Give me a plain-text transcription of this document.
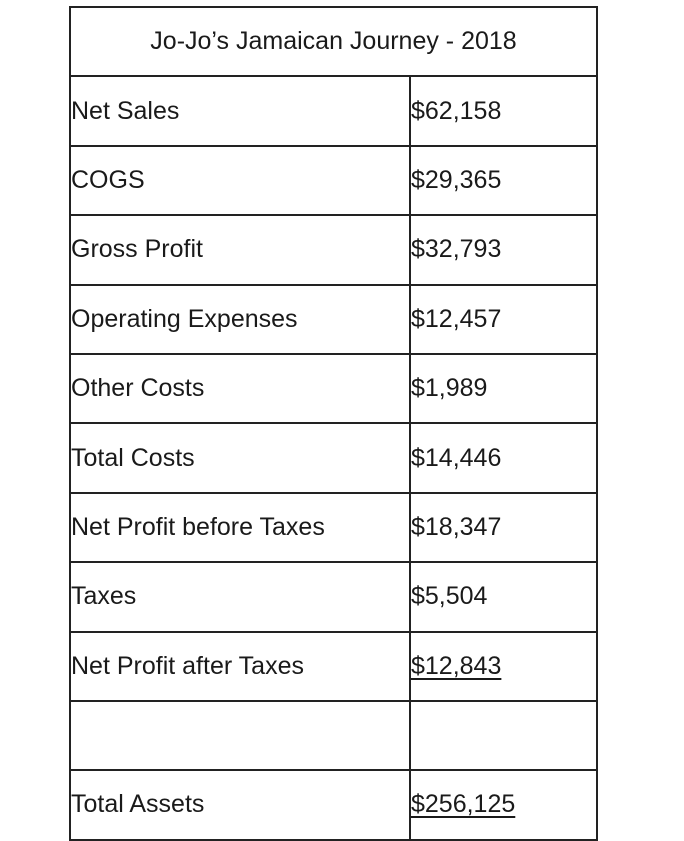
Jo-Jo’s Jamaican Journey - 2018	
Net Sales	$62,158
COGS	$29,365
Gross Profit	$32,793
Operating Expenses	$12,457
Other Costs	$1,989
Total Costs	$14,446
Net Profit before Taxes	$18,347
Taxes	$5,504
Net Profit after Taxes	$12,843

Total Assets	$256,125
